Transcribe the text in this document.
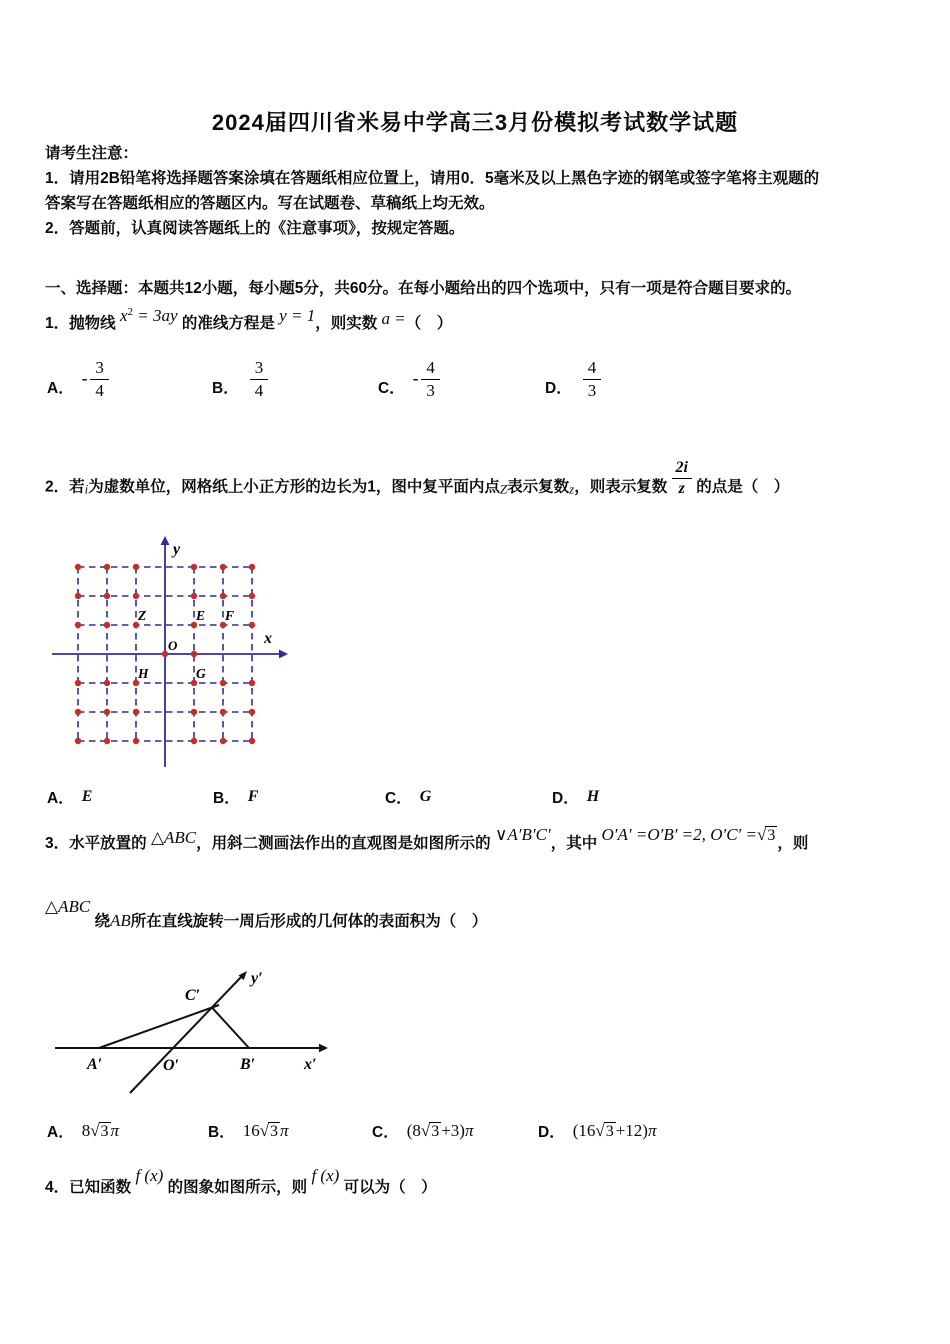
2024届四川省米易中学高三3月份模拟考试数学试题
请考生注意：
1．请用2B铅笔将选择题答案涂填在答题纸相应位置上，请用0．5毫米及以上黑色字迹的钢笔或签字笔将主观题的
答案写在答题纸相应的答题区内。写在试题卷、草稿纸上均无效。
2．答题前，认真阅读答题纸上的《注意事项》，按规定答题。
一、选择题：本题共12小题，每小题5分，共60分。在每小题给出的四个选项中，只有一项是符合题目要求的。
1．抛物线 $x^2 = 3ay$ 的准线方程是 y = 1，则实数 a =（　）
A．
- $\frac{3}{4}$	B． $\frac{3}{4}$	C．
- $\frac{4}{3}$	D． $\frac{4}{3}$
2．若i为虚数单位，网格纸上小正方形的边长为1，图中复平面内点Z表示复数z，则表示复数 $\frac{2i}{z}$ 的点是（　）
Z	E F
H	G
y
x
O
A． E	B． F	C． G	D． H
3．水平放置的 △ABC，用斜二测画法作出的直观图是如图所示的 ∨A′B′C′，其中 O′A′ =O′B′ =2, O′C′ =√3 ，则
△ABC 绕AB所在直线旋转一周后形成的几何体的表面积为（　）
A′	O′	B′	x′
C′
y′
A． 8√3 π	B． 16√3 π	C． (8√3 +3)π	D． (16√3 +12)π
4．已知函数 f (x) 的图象如图所示，则 f (x) 可以为（　）
